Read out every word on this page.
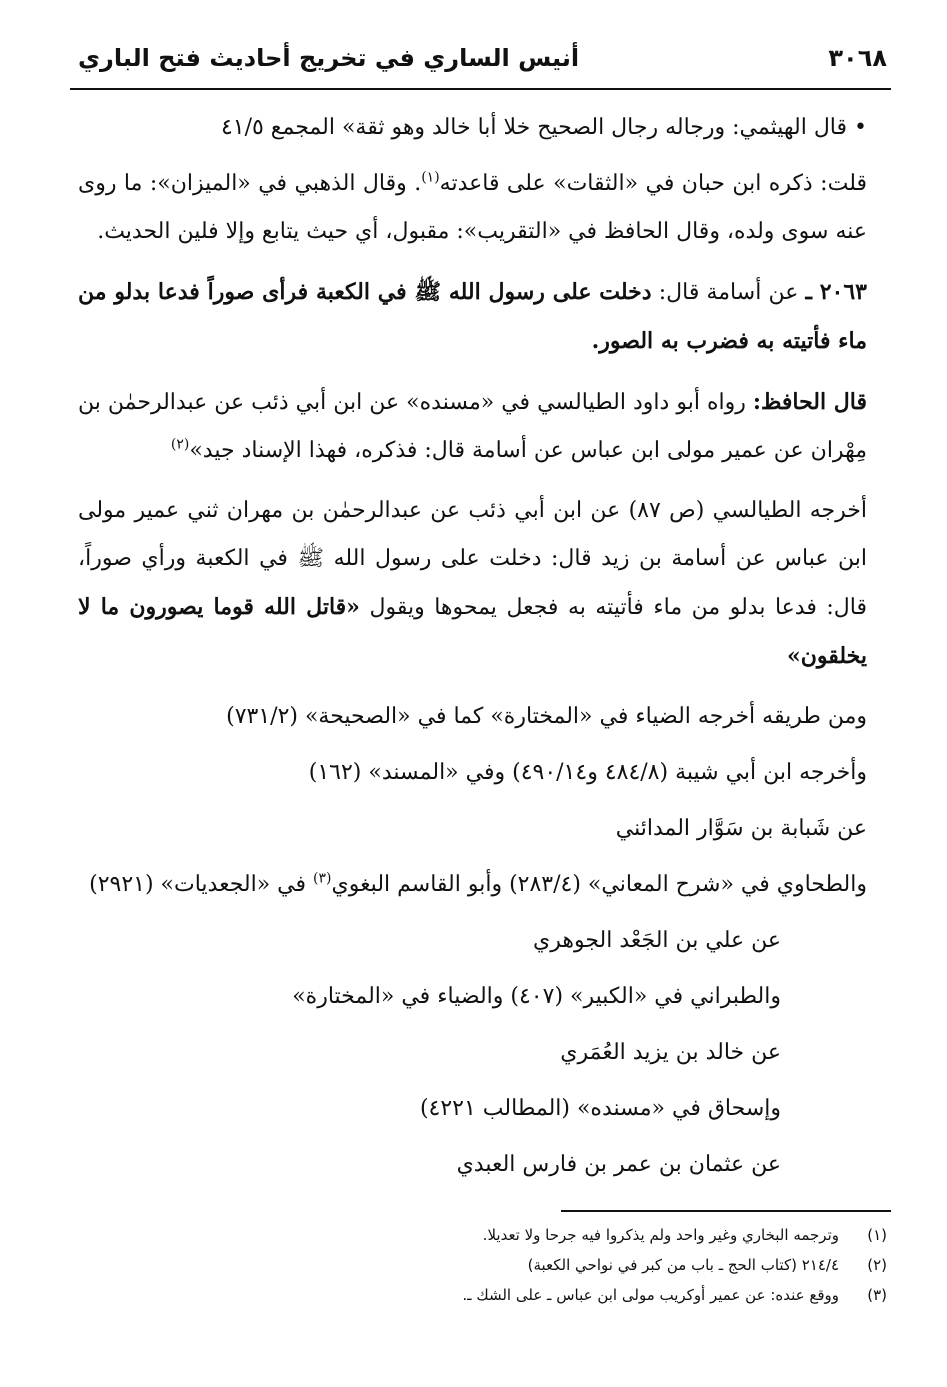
٣٠٦٨
أنيس الساري في تخريج أحاديث فتح الباري

• قال الهيثمي: ورجاله رجال الصحيح خلا أبا خالد وهو ثقة» المجمع ٤١/٥

قلت: ذكره ابن حبان في «الثقات» على قاعدته$^{(١)}$. وقال الذهبي في «الميزان»: ما روى عنه سوى ولده، وقال الحافظ في «التقريب»: مقبول، أي حيث يتابع وإلا فلين الحديث.

٢٠٦٣ ـ عن أسامة قال: دخلت على رسول الله ﷺ في الكعبة فرأى صوراً فدعا بدلو من ماء فأتيته به فضرب به الصور.

قال الحافظ: رواه أبو داود الطيالسي في «مسنده» عن ابن أبي ذئب عن عبدالرحمٰن بن مِهْران عن عمير مولى ابن عباس عن أسامة قال: فذكره، فهذا الإسناد جيد»$^{(٢)}$

أخرجه الطيالسي (ص ٨٧) عن ابن أبي ذئب عن عبدالرحمٰن بن مهران ثني عمير مولى ابن عباس عن أسامة بن زيد قال: دخلت على رسول الله ﷺ في الكعبة ورأي صوراً، قال: فدعا بدلو من ماء فأتيته به فجعل يمحوها ويقول «قاتل الله قوما يصورون ما لا يخلقون»

ومن طريقه أخرجه الضياء في «المختارة» كما في «الصحيحة» (٧٣١/٢)

وأخرجه ابن أبي شيبة (٤٨٤/٨ و٤٩٠/١٤) وفي «المسند» (١٦٢)

عن شَبابة بن سَوَّار المدائني

والطحاوي في «شرح المعاني» (٢٨٣/٤) وأبو القاسم البغوي$^{(٣)}$ في «الجعديات» (٢٩٢١)

عن علي بن الجَعْد الجوهري

والطبراني في «الكبير» (٤٠٧) والضياء في «المختارة»

عن خالد بن يزيد العُمَري

وإسحاق في «مسنده» (المطالب ٤٢٢١)

عن عثمان بن عمر بن فارس العبدي

(١)
وترجمه البخاري وغير واحد ولم يذكروا فيه جرحا ولا تعديلا.
(٢)
٢١٤/٤ (كتاب الحج ـ باب من كبر في نواحي الكعبة)
(٣)
ووقع عنده: عن عمير أوكريب مولى ابن عباس ـ على الشك ـ.
